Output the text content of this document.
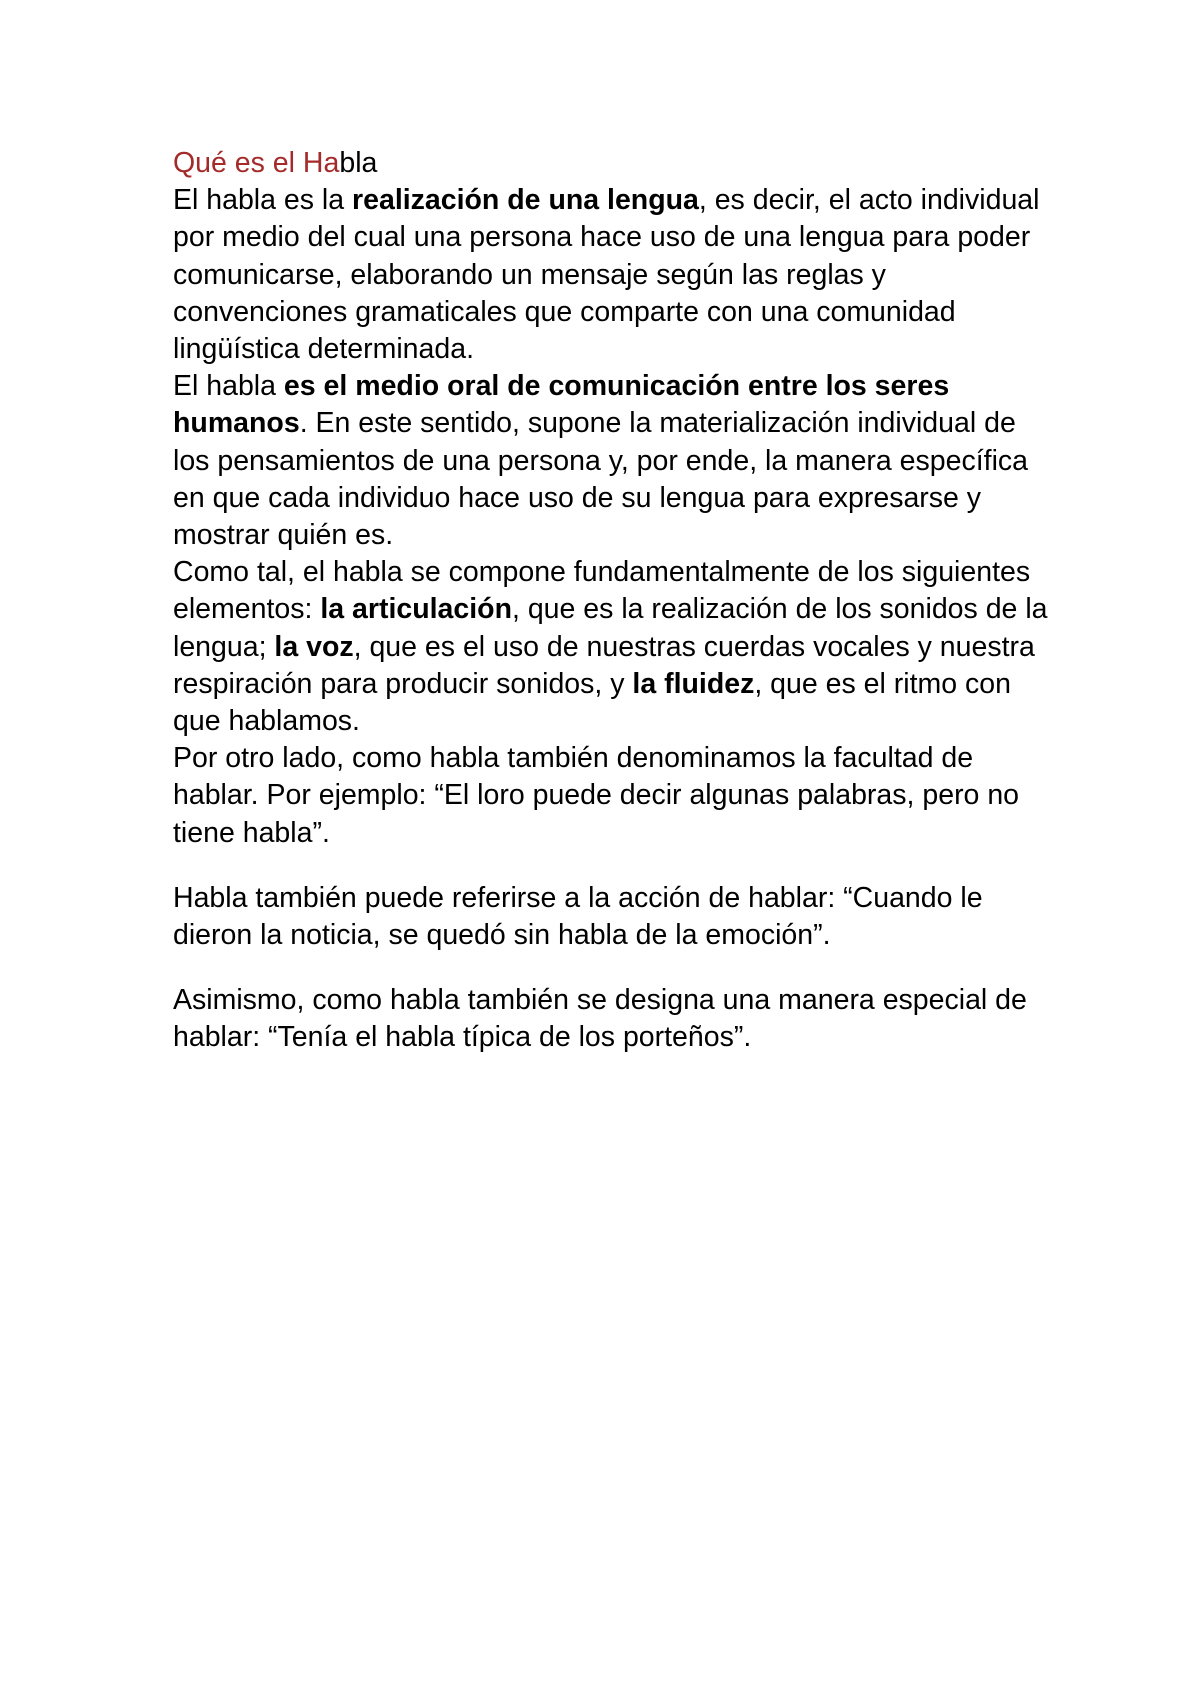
Qué es el Habla

El habla es la realización de una lengua, es decir, el acto individual por medio del cual una persona hace uso de una lengua para poder comunicarse, elaborando un mensaje según las reglas y convenciones gramaticales que comparte con una comunidad lingüística determinada.

El habla es el medio oral de comunicación entre los seres humanos. En este sentido, supone la materialización individual de los pensamientos de una persona y, por ende, la manera específica en que cada individuo hace uso de su lengua para expresarse y mostrar quién es.

Como tal, el habla se compone fundamentalmente de los siguientes elementos: la articulación, que es la realización de los sonidos de la lengua; la voz, que es el uso de nuestras cuerdas vocales y nuestra respiración para producir sonidos, y la fluidez, que es el ritmo con que hablamos.

Por otro lado, como habla también denominamos la facultad de hablar. Por ejemplo: “El loro puede decir algunas palabras, pero no tiene habla”.

Habla también puede referirse a la acción de hablar: “Cuando le dieron la noticia, se quedó sin habla de la emoción”.

Asimismo, como habla también se designa una manera especial de hablar: “Tenía el habla típica de los porteños”.
